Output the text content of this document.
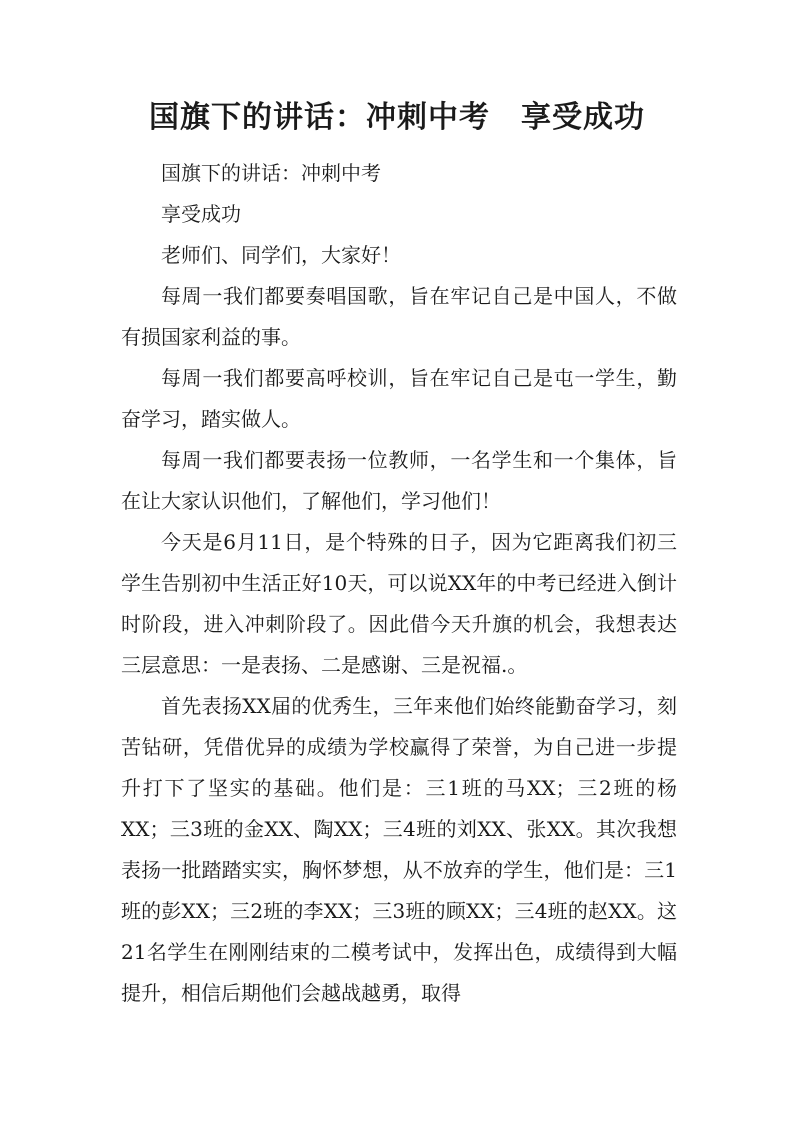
国旗下的讲话：冲刺中考　享受成功

国旗下的讲话：冲刺中考

享受成功

老师们、同学们，大家好！

每周一我们都要奏唱国歌，旨在牢记自己是中国人，不做有损国家利益的事。

每周一我们都要高呼校训，旨在牢记自己是屯一学生，勤奋学习，踏实做人。

每周一我们都要表扬一位教师，一名学生和一个集体，旨在让大家认识他们，了解他们，学习他们！

今天是6月11日，是个特殊的日子，因为它距离我们初三学生告别初中生活正好10天，可以说XX年的中考已经进入倒计时阶段，进入冲刺阶段了。因此借今天升旗的机会，我想表达三层意思：一是表扬、二是感谢、三是祝福.。

首先表扬XX届的优秀生，三年来他们始终能勤奋学习，刻苦钻研，凭借优异的成绩为学校赢得了荣誉，为自己进一步提升打下了坚实的基础。他们是：三1班的马XX；三2班的杨XX；三3班的金XX、陶XX；三4班的刘XX、张XX。其次我想表扬一批踏踏实实，胸怀梦想，从不放弃的学生，他们是：三1班的彭XX；三2班的李XX；三3班的顾XX；三4班的赵XX。这21名学生在刚刚结束的二模考试中，发挥出色，成绩得到大幅提升，相信后期他们会越战越勇，取得
